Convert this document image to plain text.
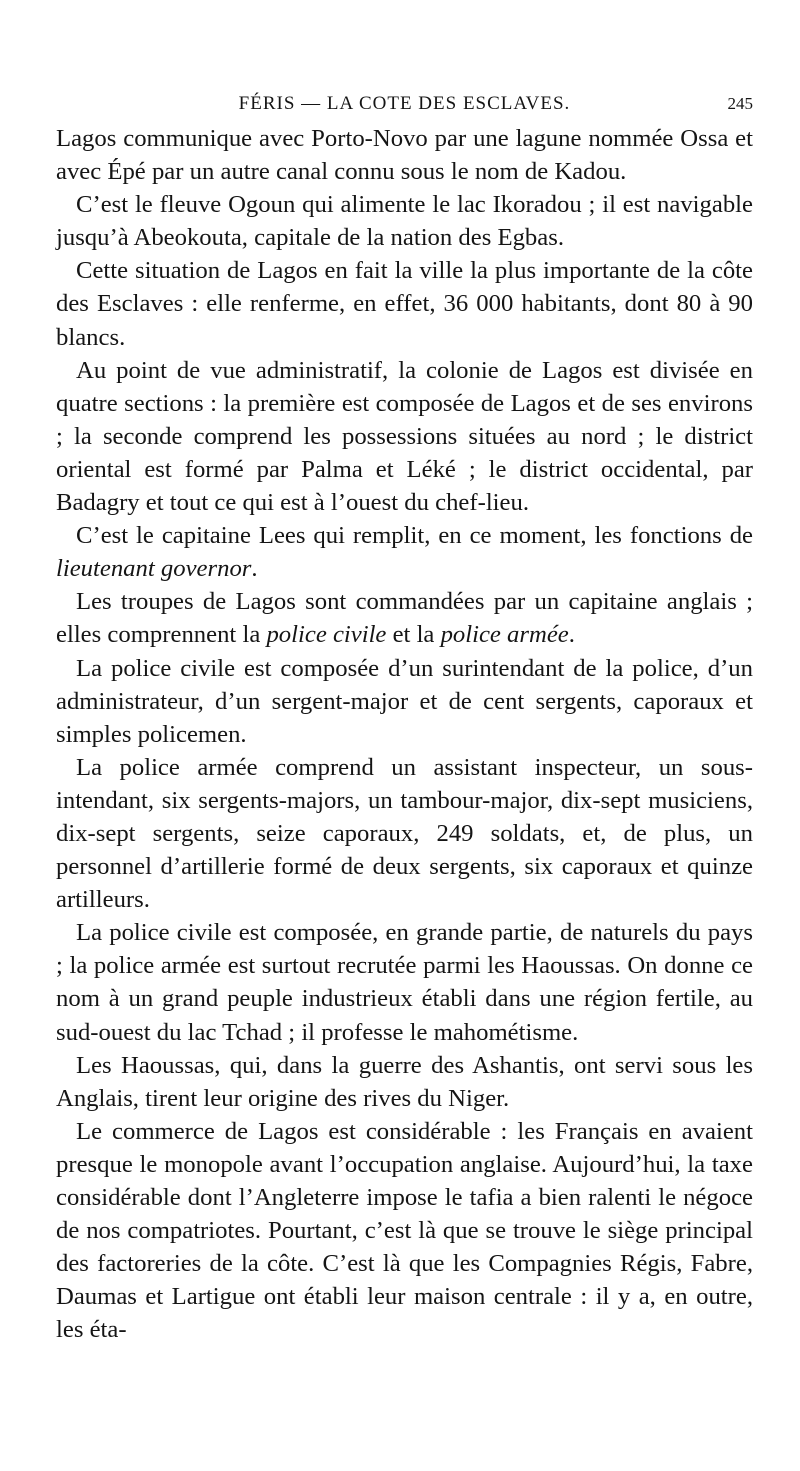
FÉRIS — LA COTE DES ESCLAVES.	245

Lagos communique avec Porto-Novo par une lagune nommée Ossa et avec Épé par un autre canal connu sous le nom de Kadou.

C’est le fleuve Ogoun qui alimente le lac Ikoradou ; il est navigable jusqu’à Abeokouta, capitale de la nation des Egbas.

Cette situation de Lagos en fait la ville la plus importante de la côte des Esclaves : elle renferme, en effet, 36 000 habitants, dont 80 à 90 blancs.

Au point de vue administratif, la colonie de Lagos est divisée en quatre sections : la première est composée de Lagos et de ses environs ; la seconde comprend les possessions situées au nord ; le district oriental est formé par Palma et Léké ; le district occidental, par Badagry et tout ce qui est à l’ouest du chef-lieu.

C’est le capitaine Lees qui remplit, en ce moment, les fonctions de lieutenant governor.

Les troupes de Lagos sont commandées par un capitaine anglais ; elles comprennent la police civile et la police armée.

La police civile est composée d’un surintendant de la police, d’un administrateur, d’un sergent-major et de cent sergents, caporaux et simples policemen.

La police armée comprend un assistant inspecteur, un sous-intendant, six sergents-majors, un tambour-major, dix-sept musiciens, dix-sept sergents, seize caporaux, 249 soldats, et, de plus, un personnel d’artillerie formé de deux sergents, six caporaux et quinze artilleurs.

La police civile est composée, en grande partie, de naturels du pays ; la police armée est surtout recrutée parmi les Haoussas. On donne ce nom à un grand peuple industrieux établi dans une région fertile, au sud-ouest du lac Tchad ; il professe le mahométisme.

Les Haoussas, qui, dans la guerre des Ashantis, ont servi sous les Anglais, tirent leur origine des rives du Niger.

Le commerce de Lagos est considérable : les Français en avaient presque le monopole avant l’occupation anglaise. Aujourd’hui, la taxe considérable dont l’Angleterre impose le tafia a bien ralenti le négoce de nos compatriotes. Pourtant, c’est là que se trouve le siège principal des factoreries de la côte. C’est là que les Compagnies Régis, Fabre, Daumas et Lartigue ont établi leur maison centrale : il y a, en outre, les éta-
